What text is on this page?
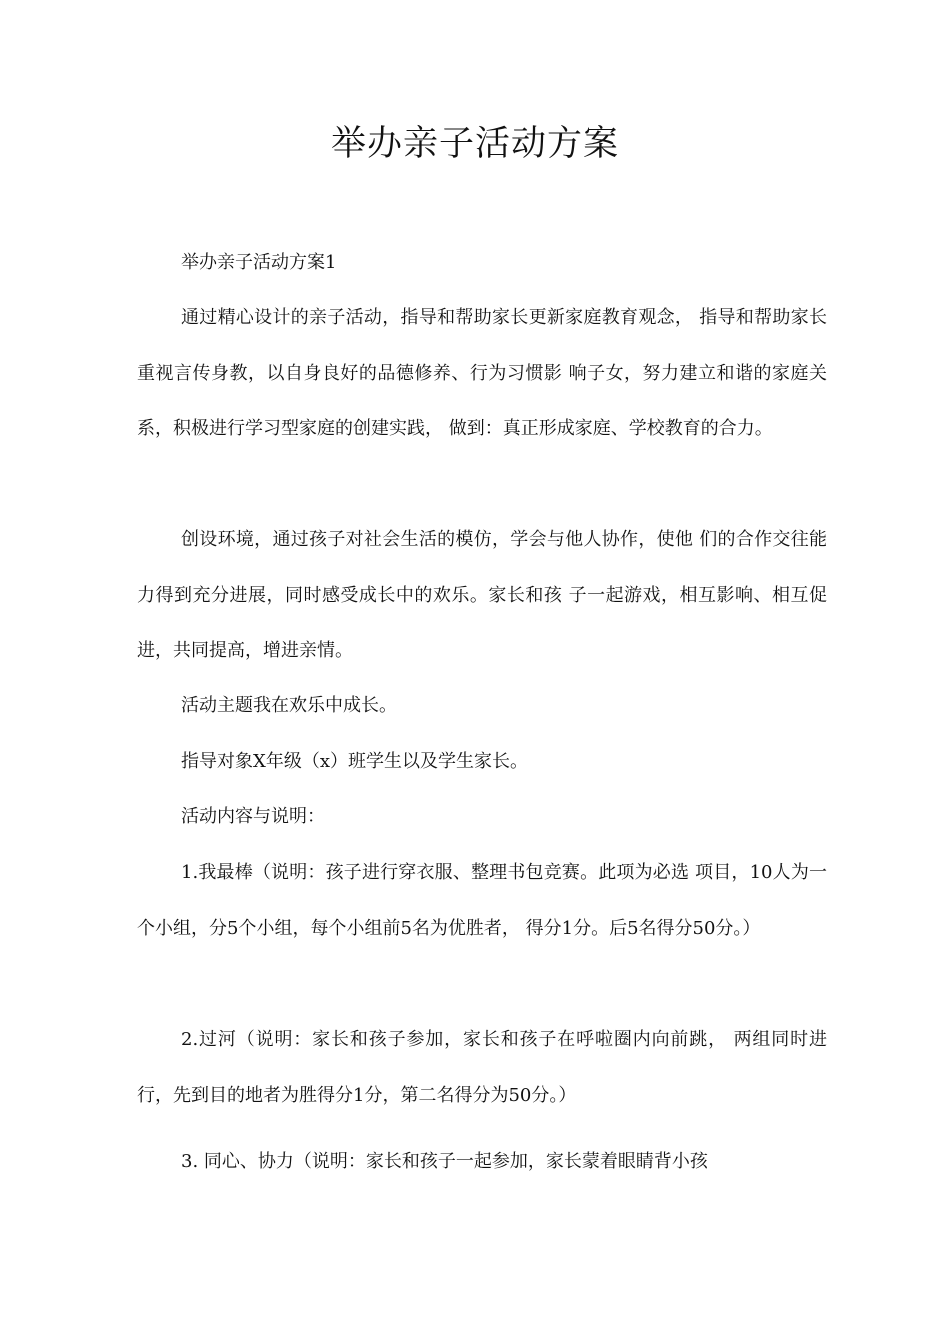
举办亲子活动方案

举办亲子活动方案1

通过精心设计的亲子活动，指导和帮助家长更新家庭教育观念， 指导和帮助家长重视言传身教，以自身良好的品德修养、行为习惯影 响子女，努力建立和谐的家庭关系，积极进行学习型家庭的创建实践， 做到：真正形成家庭、学校教育的合力。

创设环境，通过孩子对社会生活的模仿，学会与他人协作，使他 们的合作交往能力得到充分进展，同时感受成长中的欢乐。家长和孩 子一起游戏，相互影响、相互促进，共同提高，增进亲情。

活动主题我在欢乐中成长。

指导对象X年级（x）班学生以及学生家长。

活动内容与说明：

1.我最棒（说明：孩子进行穿衣服、整理书包竞赛。此项为必选 项目，10人为一个小组，分5个小组，每个小组前5名为优胜者， 得分1分。后5名得分50分。）

2.过河（说明：家长和孩子参加，家长和孩子在呼啦圈内向前跳， 两组同时进行，先到目的地者为胜得分1分，第二名得分为50分。）

3. 同心、协力（说明：家长和孩子一起参加，家长蒙着眼睛背小孩
